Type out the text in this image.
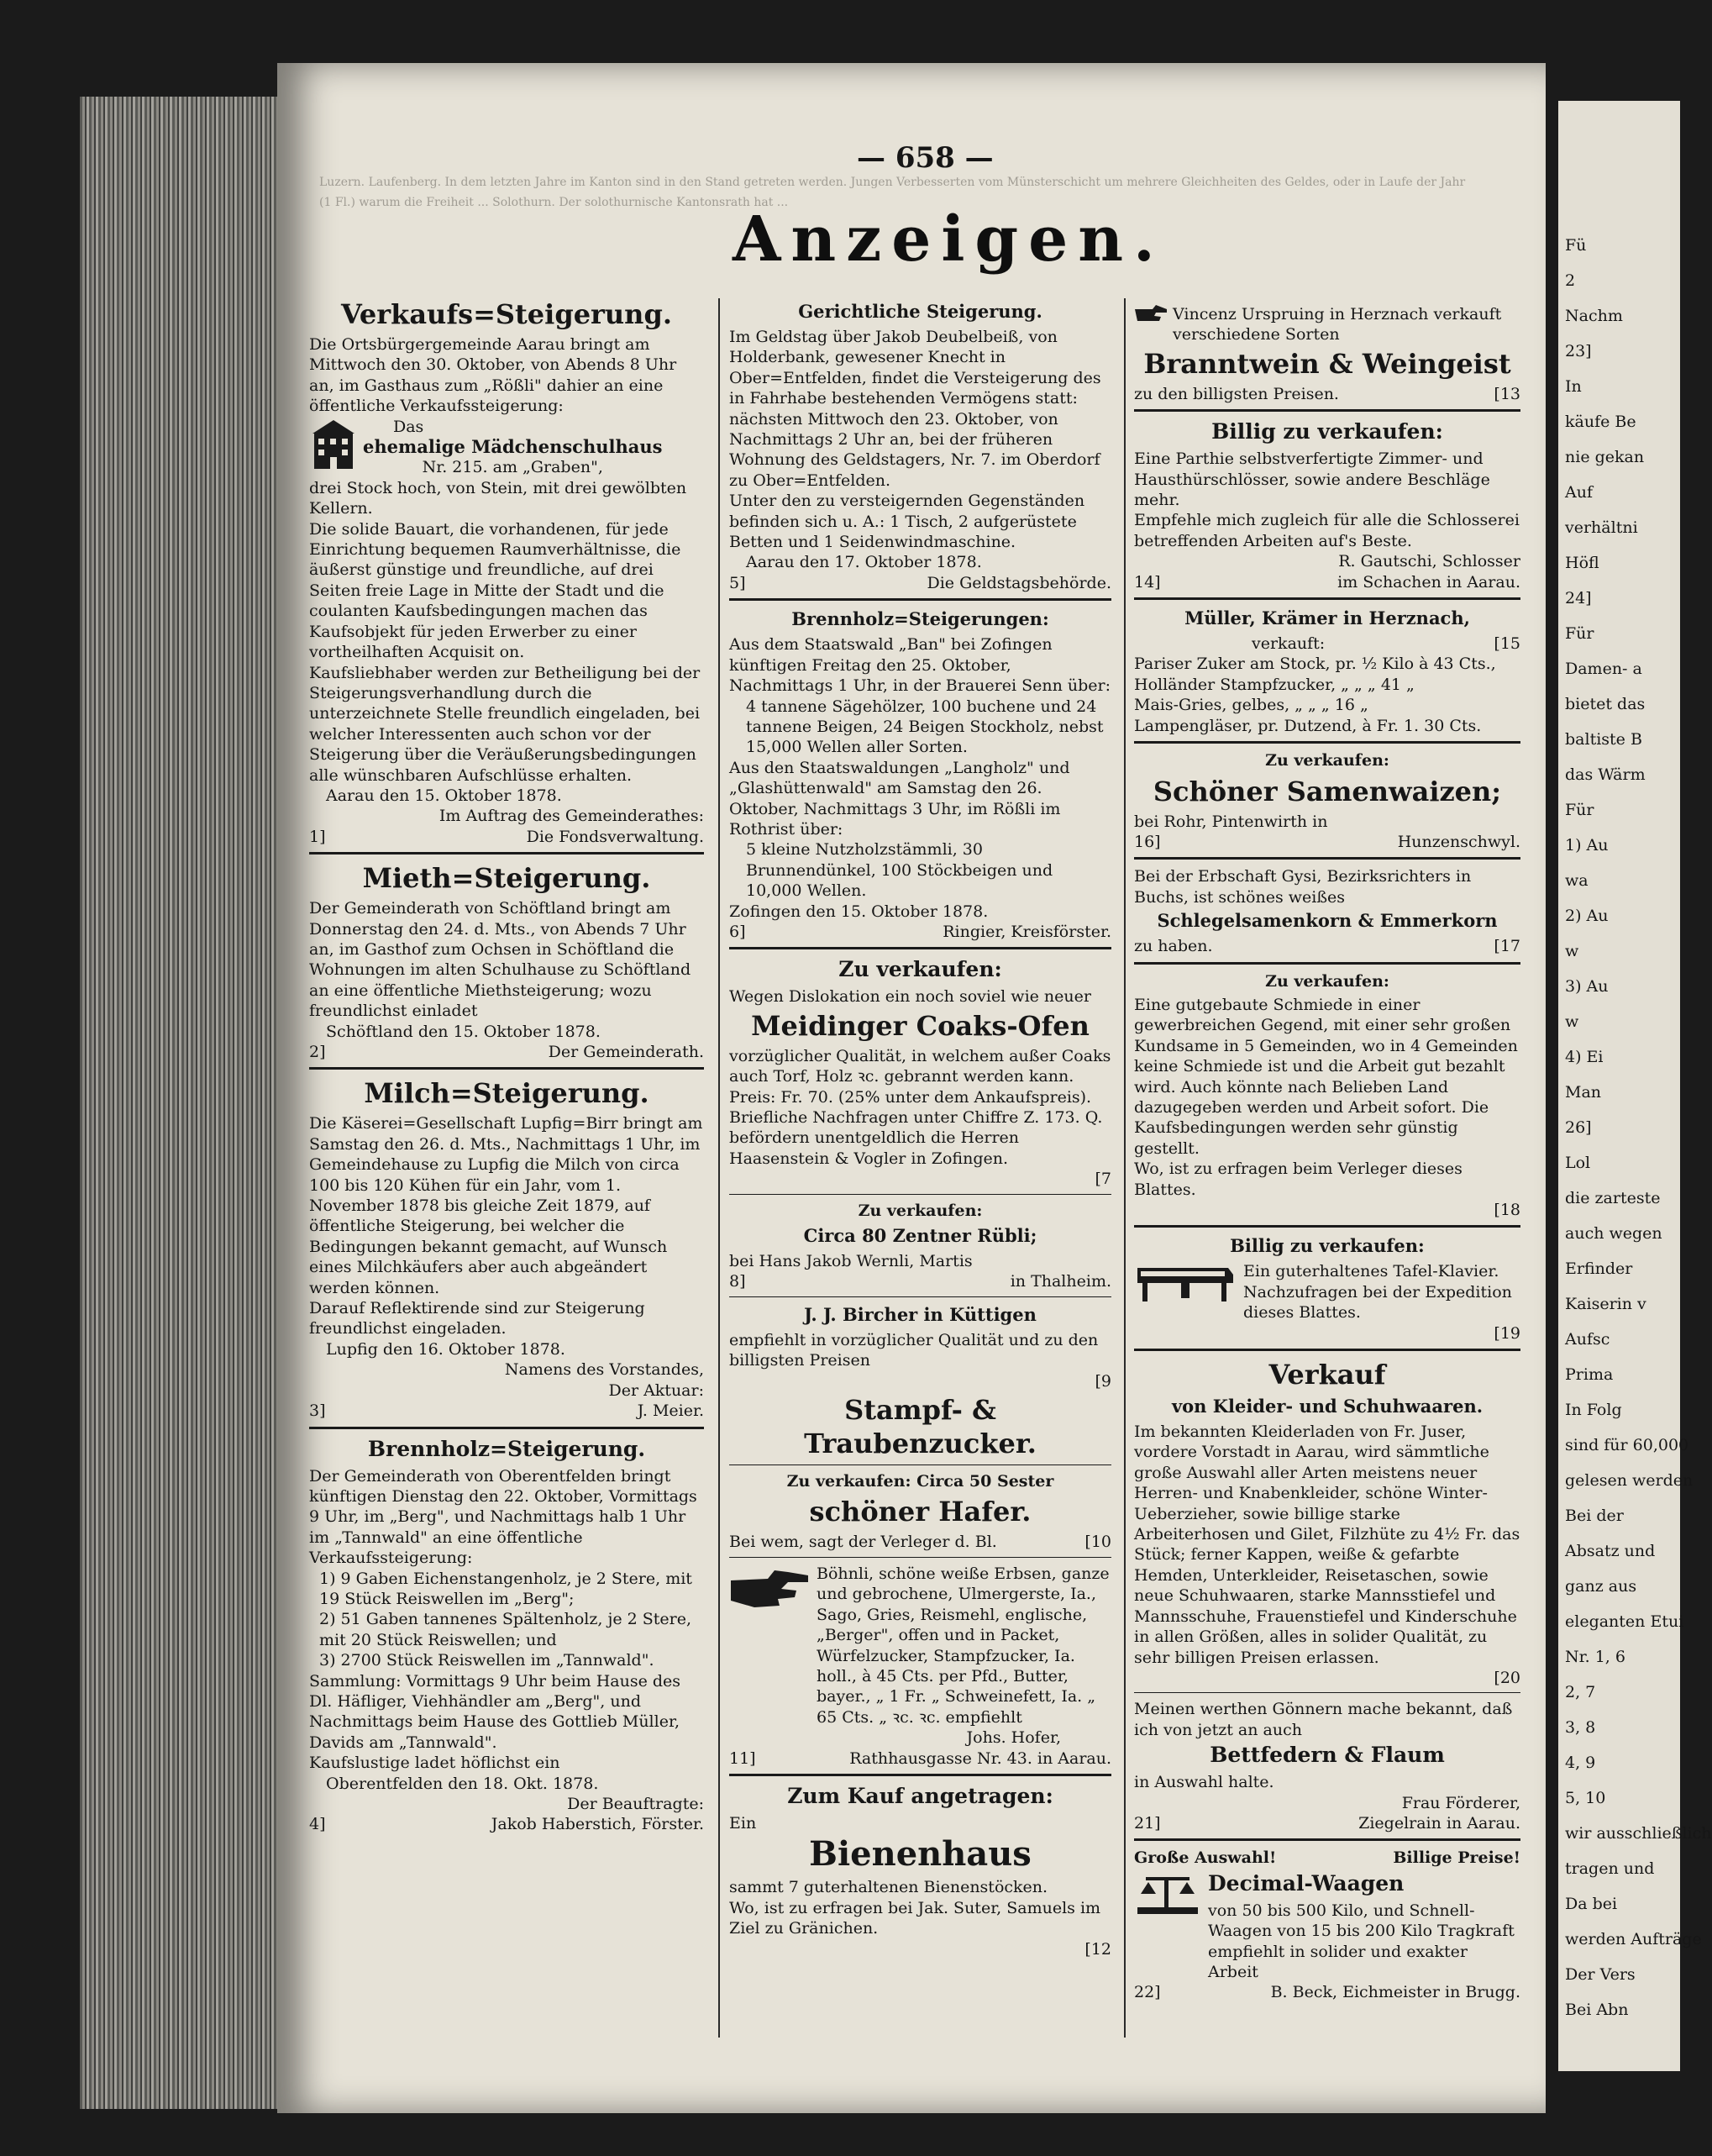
Luzern. Laufenberg. In dem letzten Jahre im Kanton sind in den Stand getreten werden. Jungen Verbesserten vom Münsterschicht um mehrere Gleichheiten des Geldes, oder in Laufe der Jahr (1 Fl.) warum die Freiheit ... Solothurn. Der solothurnische Kantonsrath hat ...
Fü
2
Nachm
23]
In
käufe Be
nie gekan
Auf
verhältni
Höfl
24]
Für
Damen- a
bietet das
baltiste B
das Wärm
Für
1) Au
wa
2) Au
w
3) Au
w
4) Ei
Man
26]
Lol
die zarteste
auch wegen
Erfinder
Kaiserin v
Aufsc
Prima
In Folg
sind für 60,000
gelesen werden
Bei der
Absatz und
ganz aus
eleganten Etui
Nr. 1, 6
2, 7
3, 8
4, 9
5, 10
wir ausschließlich
tragen und
Da bei
werden Aufträge
Der Vers
Bei Abn
— 658 —
Anzeigen.
Verkaufs=Steigerung.

Die Ortsbürgergemeinde Aarau bringt am Mittwoch den 30. Oktober, von Abends 8 Uhr an, im Gasthaus zum „Rößli" dahier an eine öffentliche Verkaufssteigerung:

Das

ehemalige Mädchenschulhaus

Nr. 215. am „Graben",

drei Stock hoch, von Stein, mit drei gewölbten Kellern.

Die solide Bauart, die vorhandenen, für jede Einrichtung bequemen Raumverhältnisse, die äußerst günstige und freundliche, auf drei Seiten freie Lage in Mitte der Stadt und die coulanten Kaufsbedingungen machen das Kaufsobjekt für jeden Erwerber zu einer vortheilhaften Acquisit on.

Kaufsliebhaber werden zur Betheiligung bei der Steigerungsverhandlung durch die unterzeichnete Stelle freundlich eingeladen, bei welcher Interessenten auch schon vor der Steigerung über die Veräußerungsbedingungen alle wünschbaren Aufschlüsse erhalten.

Aarau den 15. Oktober 1878.

Im Auftrag des Gemeinderathes:

1]	Die Fondsverwaltung.
Mieth=Steigerung.

Der Gemeinderath von Schöftland bringt am Donnerstag den 24. d. Mts., von Abends 7 Uhr an, im Gasthof zum Ochsen in Schöftland die Wohnungen im alten Schulhause zu Schöftland an eine öffentliche Miethsteigerung; wozu freundlichst einladet

Schöftland den 15. Oktober 1878.

2]	Der Gemeinderath.
Milch=Steigerung.

Die Käserei=Gesellschaft Lupfig=Birr bringt am Samstag den 26. d. Mts., Nachmittags 1 Uhr, im Gemeindehause zu Lupfig die Milch von circa 100 bis 120 Kühen für ein Jahr, vom 1. November 1878 bis gleiche Zeit 1879, auf öffentliche Steigerung, bei welcher die Bedingungen bekannt gemacht, auf Wunsch eines Milchkäufers aber auch abgeändert werden können.

Darauf Reflektirende sind zur Steigerung freundlichst eingeladen.

Lupfig den 16. Oktober 1878.

Namens des Vorstandes,

Der Aktuar:

3]	J. Meier.
Brennholz=Steigerung.

Der Gemeinderath von Oberentfelden bringt künftigen Dienstag den 22. Oktober, Vormittags 9 Uhr, im „Berg", und Nachmittags halb 1 Uhr im „Tannwald" an eine öffentliche Verkaufssteigerung:

1) 9 Gaben Eichenstangenholz, je 2 Stere, mit 19 Stück Reiswellen im „Berg";

2) 51 Gaben tannenes Spältenholz, je 2 Stere, mit 20 Stück Reiswellen; und

3) 2700 Stück Reiswellen im „Tannwald".

Sammlung: Vormittags 9 Uhr beim Hause des Dl. Häfliger, Viehhändler am „Berg", und Nachmittags beim Hause des Gottlieb Müller, Davids am „Tannwald".

Kaufslustige ladet höflichst ein

Oberentfelden den 18. Okt. 1878.

Der Beauftragte:

4]	Jakob Haberstich, Förster.
Gerichtliche Steigerung.

Im Geldstag über Jakob Deubelbeiß, von Holderbank, gewesener Knecht in Ober=Entfelden, findet die Versteigerung des in Fahrhabe bestehenden Vermögens statt: nächsten Mittwoch den 23. Oktober, von Nachmittags 2 Uhr an, bei der früheren Wohnung des Geldstagers, Nr. 7. im Oberdorf zu Ober=Entfelden.

Unter den zu versteigernden Gegenständen befinden sich u. A.: 1 Tisch, 2 aufgerüstete Betten und 1 Seidenwindmaschine.

Aarau den 17. Oktober 1878.

5]	Die Geldstagsbehörde.
Brennholz=Steigerungen:

Aus dem Staatswald „Ban" bei Zofingen künftigen Freitag den 25. Oktober, Nachmittags 1 Uhr, in der Brauerei Senn über:

4 tannene Sägehölzer, 100 buchene und 24 tannene Beigen, 24 Beigen Stockholz, nebst 15,000 Wellen aller Sorten.

Aus den Staatswaldungen „Langholz" und „Glashüttenwald" am Samstag den 26. Oktober, Nachmittags 3 Uhr, im Rößli im Rothrist über:

5 kleine Nutzholzstämmli, 30 Brunnendünkel, 100 Stöckbeigen und 10,000 Wellen.

Zofingen den 15. Oktober 1878.

6]	Ringier, Kreisförster.
Zu verkaufen:

Wegen Dislokation ein noch soviel wie neuer

Meidinger Coaks-Ofen

vorzüglicher Qualität, in welchem außer Coaks auch Torf, Holz ꝛc. gebrannt werden kann. Preis: Fr. 70. (25% unter dem Ankaufspreis).

Briefliche Nachfragen unter Chiffre Z. 173. Q. befördern unentgeldlich die Herren Haasenstein & Vogler in Zofingen.

[7

Zu verkaufen:
Circa 80 Zentner Rübli;

bei Hans Jakob Wernli, Martis

8]	in Thalheim.
J. J. Bircher in Küttigen

empfiehlt in vorzüglicher Qualität und zu den billigsten Preisen

[9

Stampf- & Traubenzucker.
Zu verkaufen: Circa 50 Sester
schöner Hafer.
Bei wem, sagt der Verleger d. Bl.	[10

Böhnli, schöne weiße Erbsen, ganze und gebrochene, Ulmergerste, Ia., Sago, Gries, Reismehl, englische, „Berger", offen und in Packet, Würfelzucker, Stampfzucker, Ia. holl., à 45 Cts. per Pfd., Butter, bayer., „ 1 Fr. „ Schweinefett, Ia. „ 65 Cts. „ ꝛc. ꝛc. empfiehlt

Johs. Hofer,

11]	Rathhausgasse Nr. 43. in Aarau.
Zum Kauf angetragen:

Ein

Bienenhaus

sammt 7 guterhaltenen Bienenstöcken.

Wo, ist zu erfragen bei Jak. Suter, Samuels im Ziel zu Gränichen.

[12

Vincenz Urspruing in Herznach verkauft verschiedene Sorten

Branntwein & Weingeist
zu den billigsten Preisen.	[13
Billig zu verkaufen:

Eine Parthie selbstverfertigte Zimmer- und Hausthürschlösser, sowie andere Beschläge mehr.

Empfehle mich zugleich für alle die Schlosserei betreffenden Arbeiten auf's Beste.

R. Gautschi, Schlosser

14]	im Schachen in Aarau.
Müller, Krämer in Herznach,
verkauft:	[15

Pariser Zuker am Stock, pr. ½ Kilo à 43 Cts.,

Holländer Stampfzucker, „ „ „ 41 „

Mais-Gries, gelbes, „ „ „ 16 „

Lampengläser, pr. Dutzend, à Fr. 1. 30 Cts.

Zu verkaufen:
Schöner Samenwaizen;

bei Rohr, Pintenwirth in

16]	Hunzenschwyl.

Bei der Erbschaft Gysi, Bezirksrichters in Buchs, ist schönes weißes

Schlegelsamenkorn & Emmerkorn
zu haben.	[17
Zu verkaufen:

Eine gutgebaute Schmiede in einer gewerbreichen Gegend, mit einer sehr großen Kundsame in 5 Gemeinden, wo in 4 Gemeinden keine Schmiede ist und die Arbeit gut bezahlt wird. Auch könnte nach Belieben Land dazugegeben werden und Arbeit sofort. Die Kaufsbedingungen werden sehr günstig gestellt.

Wo, ist zu erfragen beim Verleger dieses Blattes.

[18

Billig zu verkaufen:

Ein guterhaltenes Tafel-Klavier.

Nachzufragen bei der Expedition dieses Blattes.

[19

Verkauf
von Kleider- und Schuhwaaren.

Im bekannten Kleiderladen von Fr. Juser, vordere Vorstadt in Aarau, wird sämmtliche große Auswahl aller Arten meistens neuer Herren- und Knabenkleider, schöne Winter-Ueberzieher, sowie billige starke Arbeiterhosen und Gilet, Filzhüte zu 4½ Fr. das Stück; ferner Kappen, weiße & gefarbte Hemden, Unterkleider, Reisetaschen, sowie neue Schuhwaaren, starke Mannsstiefel und Mannsschuhe, Frauenstiefel und Kinderschuhe in allen Größen, alles in solider Qualität, zu sehr billigen Preisen erlassen.

[20

Meinen werthen Gönnern mache bekannt, daß ich von jetzt an auch

Bettfedern & Flaum

in Auswahl halte.

Frau Förderer,

21]	Ziegelrain in Aarau.
Große Auswahl!	Billige Preise!
Decimal-Waagen

von 50 bis 500 Kilo, und Schnell-Waagen von 15 bis 200 Kilo Tragkraft empfiehlt in solider und exakter Arbeit

22]	B. Beck, Eichmeister in Brugg.
